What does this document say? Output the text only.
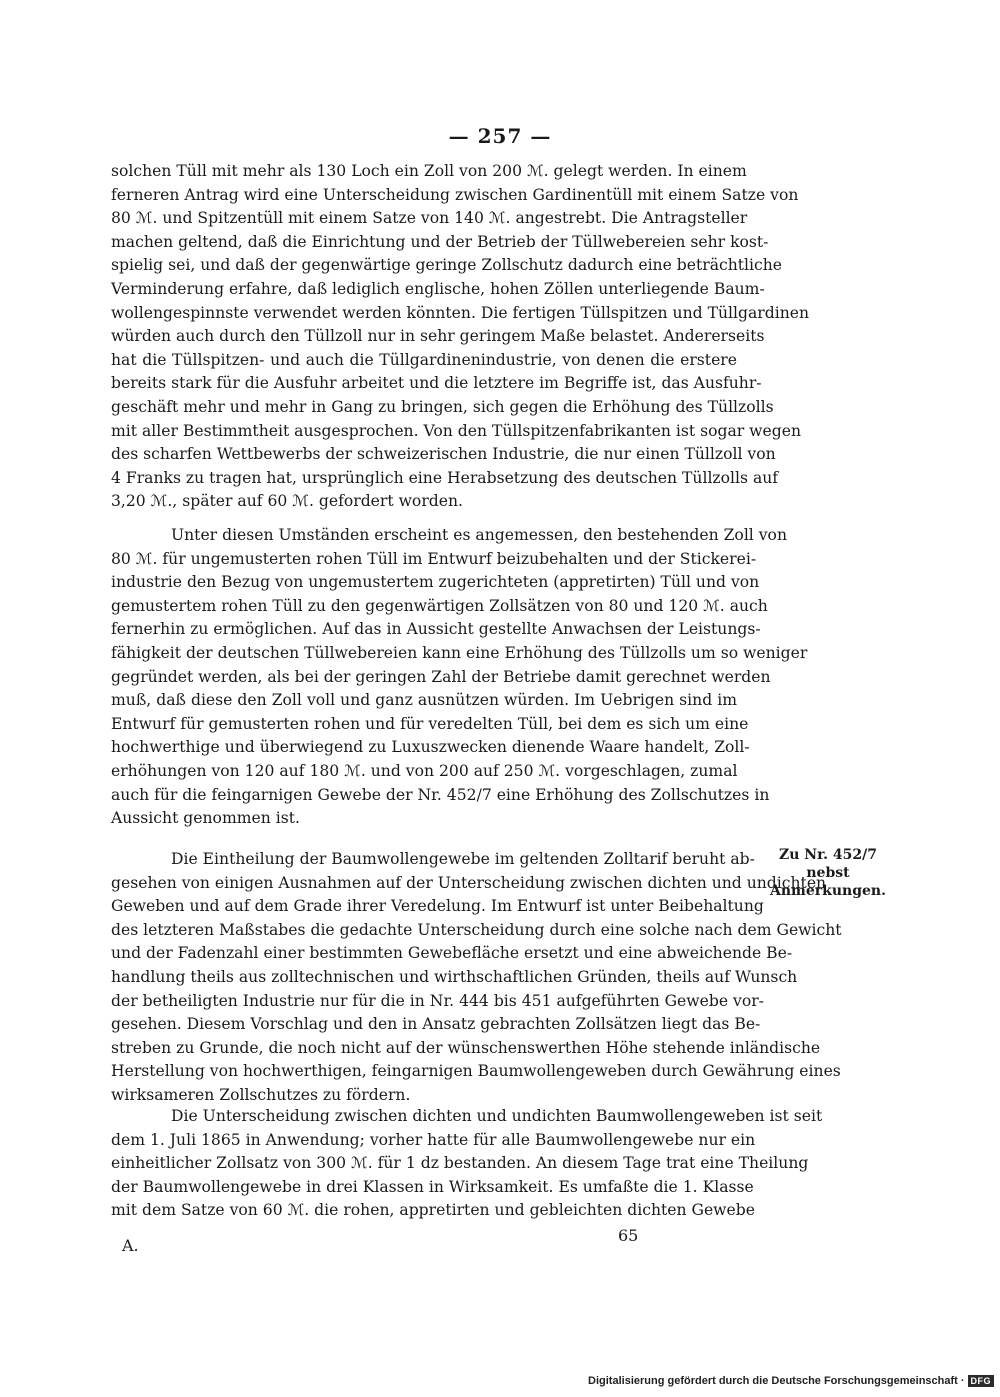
— 257 —

solchen Tüll mit mehr als 130 Loch ein Zoll von 200 ℳ. gelegt werden. In einem
ferneren Antrag wird eine Unterscheidung zwischen Gardinentüll mit einem Satze von
80 ℳ. und Spitzentüll mit einem Satze von 140 ℳ. angestrebt. Die Antragsteller
machen geltend, daß die Einrichtung und der Betrieb der Tüllwebereien sehr kost-
spielig sei, und daß der gegenwärtige geringe Zollschutz dadurch eine beträchtliche
Verminderung erfahre, daß lediglich englische, hohen Zöllen unterliegende Baum-
wollengespinnste verwendet werden könnten. Die fertigen Tüllspitzen und Tüllgardinen
würden auch durch den Tüllzoll nur in sehr geringem Maße belastet. Andererseits
hat die Tüllspitzen- und auch die Tüllgardinenindustrie, von denen die erstere
bereits stark für die Ausfuhr arbeitet und die letztere im Begriffe ist, das Ausfuhr-
geschäft mehr und mehr in Gang zu bringen, sich gegen die Erhöhung des Tüllzolls
mit aller Bestimmtheit ausgesprochen. Von den Tüllspitzenfabrikanten ist sogar wegen
des scharfen Wettbewerbs der schweizerischen Industrie, die nur einen Tüllzoll von
4 Franks zu tragen hat, ursprünglich eine Herabsetzung des deutschen Tüllzolls auf
3,20 ℳ., später auf 60 ℳ. gefordert worden.

Unter diesen Umständen erscheint es angemessen, den bestehenden Zoll von
80 ℳ. für ungemusterten rohen Tüll im Entwurf beizubehalten und der Stickerei-
industrie den Bezug von ungemustertem zugerichteten (appretirten) Tüll und von
gemustertem rohen Tüll zu den gegenwärtigen Zollsätzen von 80 und 120 ℳ. auch
fernerhin zu ermöglichen. Auf das in Aussicht gestellte Anwachsen der Leistungs-
fähigkeit der deutschen Tüllwebereien kann eine Erhöhung des Tüllzolls um so weniger
gegründet werden, als bei der geringen Zahl der Betriebe damit gerechnet werden
muß, daß diese den Zoll voll und ganz ausnützen würden. Im Uebrigen sind im
Entwurf für gemusterten rohen und für veredelten Tüll, bei dem es sich um eine
hochwerthige und überwiegend zu Luxuszwecken dienende Waare handelt, Zoll-
erhöhungen von 120 auf 180 ℳ. und von 200 auf 250 ℳ. vorgeschlagen, zumal
auch für die feingarnigen Gewebe der Nr. 452/7 eine Erhöhung des Zollschutzes in
Aussicht genommen ist.

Die Eintheilung der Baumwollengewebe im geltenden Zolltarif beruht ab-
gesehen von einigen Ausnahmen auf der Unterscheidung zwischen dichten und undichten
Geweben und auf dem Grade ihrer Veredelung. Im Entwurf ist unter Beibehaltung
des letzteren Maßstabes die gedachte Unterscheidung durch eine solche nach dem Gewicht
und der Fadenzahl einer bestimmten Gewebefläche ersetzt und eine abweichende Be-
handlung theils aus zolltechnischen und wirthschaftlichen Gründen, theils auf Wunsch
der betheiligten Industrie nur für die in Nr. 444 bis 451 aufgeführten Gewebe vor-
gesehen. Diesem Vorschlag und den in Ansatz gebrachten Zollsätzen liegt das Be-
streben zu Grunde, die noch nicht auf der wünschenswerthen Höhe stehende inländische
Herstellung von hochwerthigen, feingarnigen Baumwollengeweben durch Gewährung eines
wirksameren Zollschutzes zu fördern.

Die Unterscheidung zwischen dichten und undichten Baumwollengeweben ist seit
dem 1. Juli 1865 in Anwendung; vorher hatte für alle Baumwollengewebe nur ein
einheitlicher Zollsatz von 300 ℳ. für 1 dz bestanden. An diesem Tage trat eine Theilung
der Baumwollengewebe in drei Klassen in Wirksamkeit. Es umfaßte die 1. Klasse
mit dem Satze von 60 ℳ. die rohen, appretirten und gebleichten dichten Gewebe

Zu Nr. 452/7
nebst Anmerkungen.
A.
65
Digitalisierung gefördert durch die Deutsche Forschungsgemeinschaft · DFG
